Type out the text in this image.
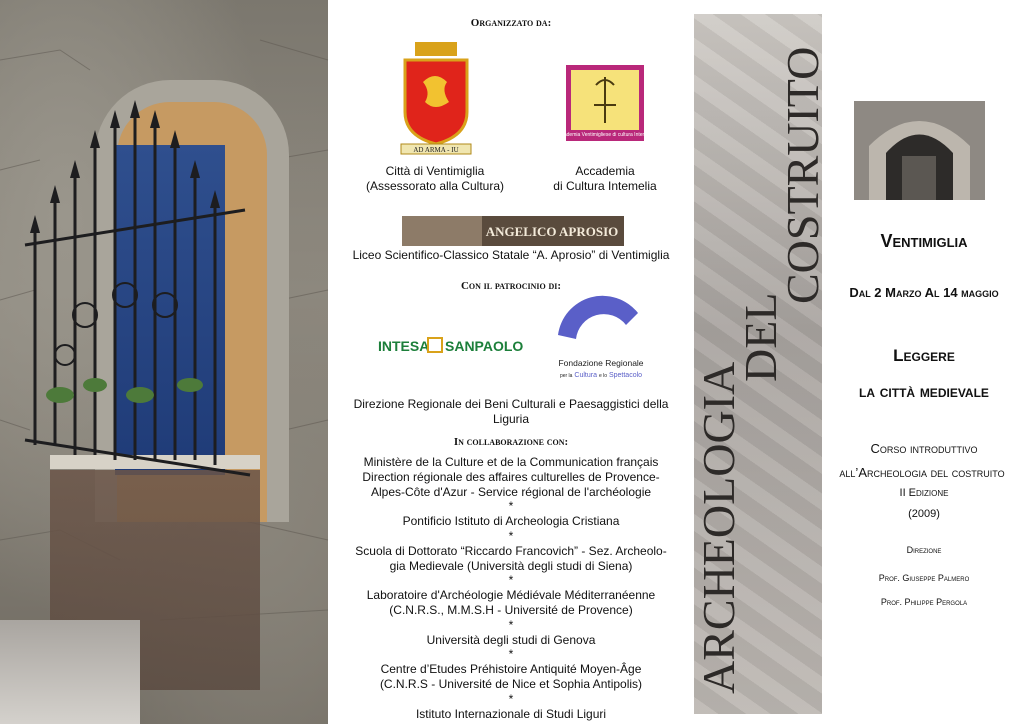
Organizzato da:
AD ARMA - IU
Città di Ventimiglia
(Assessorato alla Cultura)
Accademia Ventimigliese di cultura Intemelia
Accademia
di Cultura Intemelia
ANGELICO APROSIO
Liceo Scientifico-Classico Statale “A. Aprosio” di Ventimiglia
Con il patrocinio di:
INTESA SANPAOLO	LIGURIA
Fondazione Regionale
per la Cultura e lo Spettacolo
Direzione Regionale dei Beni Culturali e Paesaggistici della Liguria
In collaborazione con:
Ministère de la Culture et de la Communication français
Direction régionale des affaires culturelles de Provence-
Alpes-Côte d'Azur - Service régional de l'archéologie
*
Pontificio Istituto di Archeologia Cristiana
*
Scuola di Dottorato “Riccardo Francovich” - Sez. Archeolo-
gia Medievale (Università degli studi di Siena)
*
Laboratoire d'Archéologie Médiévale Méditerranéenne
(C.N.R.S., M.M.S.H - Université de Provence)
*
Università degli studi di Genova
*
Centre d’Etudes Préhistoire Antiquité Moyen-Âge
(C.N.R.S - Université de Nice et Sophia Antipolis)
*
Istituto Internazionale di Studi Liguri
ARCHEOLOGIA
DEL
COSTRUITO	Ventimiglia
Dal 2 Marzo Al 14 maggio
Leggere
la città medievale
Corso introduttivo
all’Archeologia del costruito
II Edizione
(2009)
Direzione
Prof. Giuseppe Palmero
Prof. Philippe Pergola
